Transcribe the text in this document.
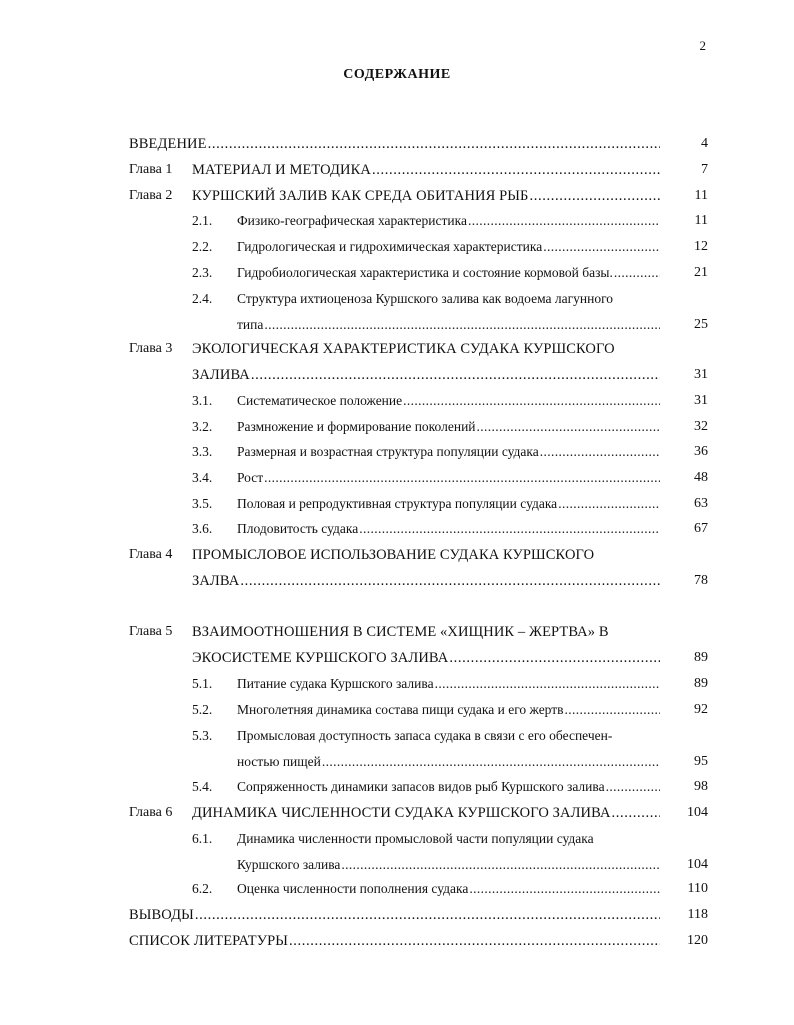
2
СОДЕРЖАНИЕ
ВВЕДЕНИЕ . . .	4
Глава 1 МАТЕРИАЛ И МЕТОДИКА . . .	7
Глава 2 КУРШСКИЙ ЗАЛИВ КАК СРЕДА ОБИТАНИЯ РЫБ . . .	11
2.1. Физико-географическая характеристика . . .	11
2.2. Гидрологическая и гидрохимическая характеристика . . .	12
2.3. Гидробиологическая характеристика и состояние кормовой базы. . . .	21
2.4. Структура ихтиоценоза Куршского залива как водоема лагунного
типа . . .	25
Глава 3 ЭКОЛОГИЧЕСКАЯ ХАРАКТЕРИСТИКА СУДАКА КУРШСКОГО
ЗАЛИВА . . .	31
3.1. Систематическое положение . . .	31
3.2. Размножение и формирование поколений . . .	32
3.3. Размерная и возрастная структура популяции судака . . .	36
3.4. Рост . . .	48
3.5. Половая и репродуктивная структура популяции судака . . .	63
3.6. Плодовитость судака . . .	67
Глава 4 ПРОМЫСЛОВОЕ ИСПОЛЬЗОВАНИЕ СУДАКА КУРШСКОГО
ЗАЛВА . . .	78
Глава 5 ВЗАИМООТНОШЕНИЯ В СИСТЕМЕ «ХИЩНИК – ЖЕРТВА» В
ЭКОСИСТЕМЕ КУРШСКОГО ЗАЛИВА . . .	89
5.1. Питание судака Куршского залива . . .	89
5.2. Многолетняя динамика состава пищи судака и его жертв . . .	92
5.3. Промысловая доступность запаса судака в связи с его обеспечен-
ностью пищей . . .	95
5.4. Сопряженность динамики запасов видов рыб Куршского залива . . .	98
Глава 6 ДИНАМИКА ЧИСЛЕННОСТИ СУДАКА КУРШСКОГО ЗАЛИВА . . .	104
6.1. Динамика численности промысловой части популяции судака
Куршского залива . . .	104
6.2. Оценка численности пополнения судака . . .	110
ВЫВОДЫ . . .	118
СПИСОК ЛИТЕРАТУРЫ . . .	120
